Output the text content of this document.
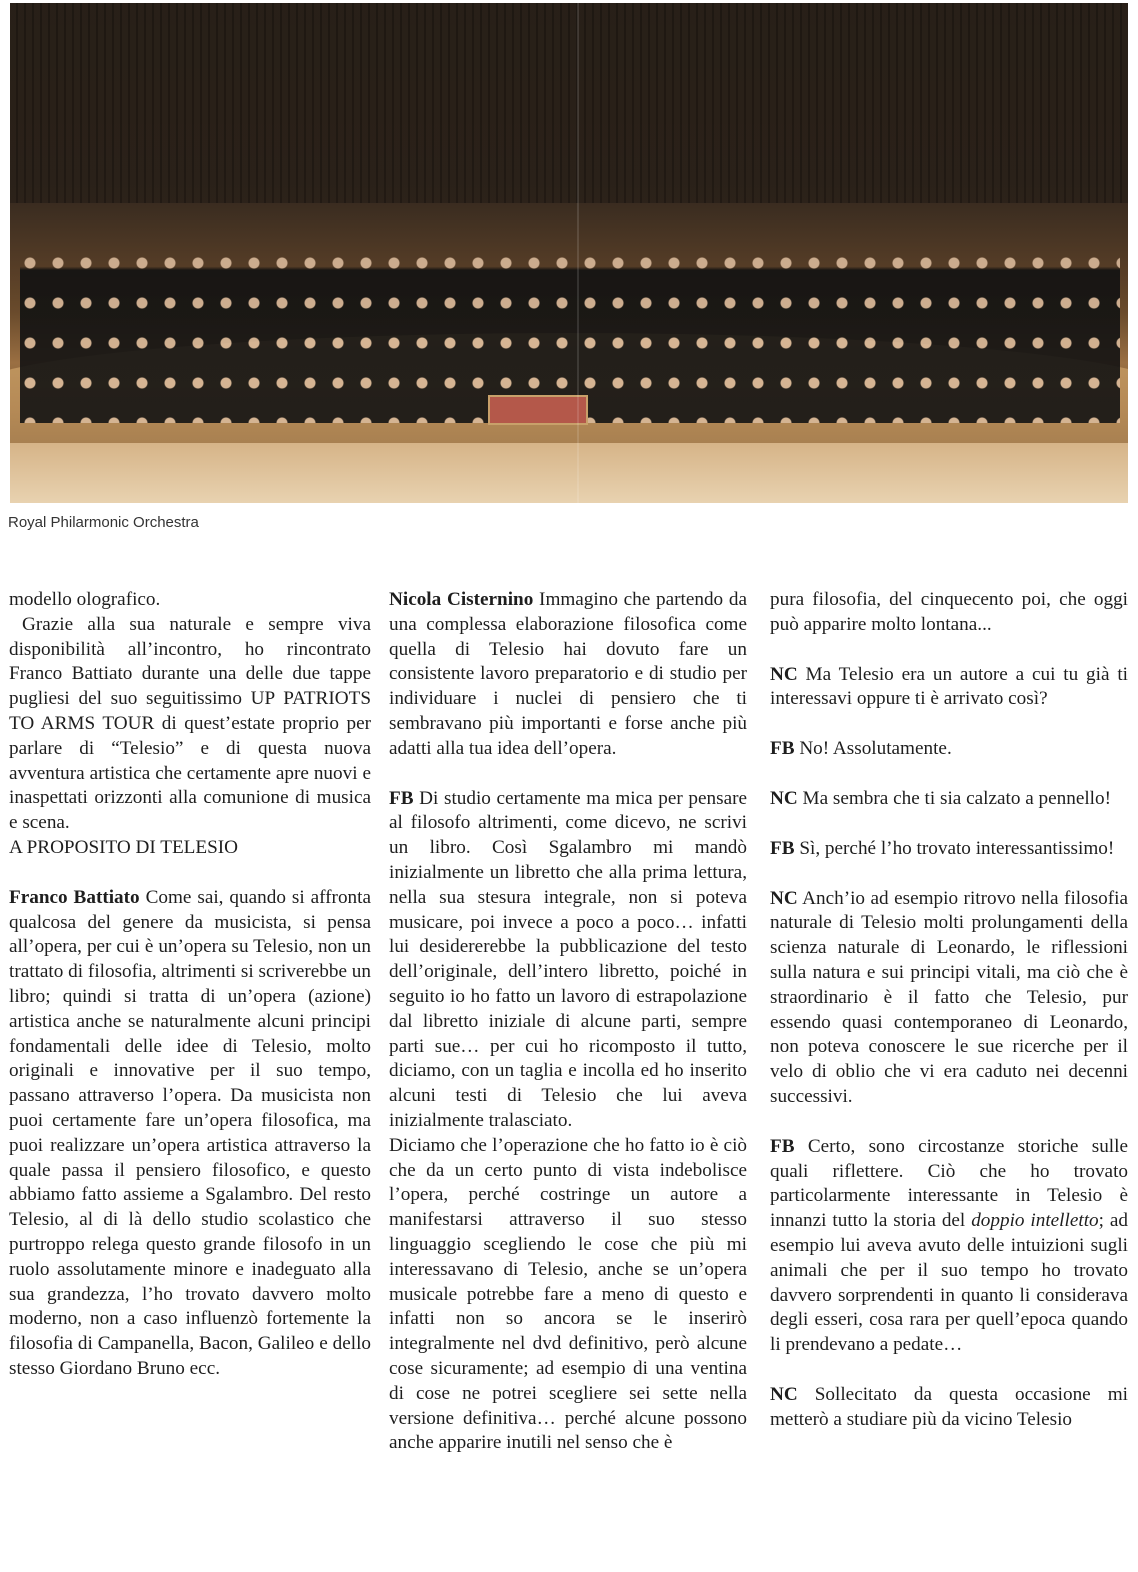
Royal Philarmonic Orchestra

modello olografico.

Grazie alla sua naturale e sempre viva disponibilità all’incontro, ho rincontrato Franco Battiato durante una delle due tappe pugliesi del suo seguitissimo UP PATRIOTS TO ARMS TOUR di quest’estate proprio per parlare di “Telesio” e di questa nuova avventura artistica che certamente apre nuovi e inaspettati orizzonti alla comunione di musica e scena.

A PROPOSITO DI TELESIO

Franco Battiato Come sai, quando si affronta qualcosa del genere da musicista, si pensa all’opera, per cui è un’opera su Telesio, non un trattato di filosofia, altrimenti si scriverebbe un libro; quindi si tratta di un’opera (azione) artistica anche se naturalmente alcuni principi fondamentali delle idee di Telesio, molto originali e innovative per il suo tempo, passano attraverso l’opera. Da musicista non puoi certamente fare un’opera filosofica, ma puoi realizzare un’opera artistica attraverso la quale passa il pensiero filosofico, e questo abbiamo fatto assieme a Sgalambro. Del resto Telesio, al di là dello studio scolastico che purtroppo relega questo grande filosofo in un ruolo assolutamente minore e inadeguato alla sua grandezza, l’ho trovato davvero molto moderno, non a caso influenzò fortemente la filosofia di Campanella, Bacon, Galileo e dello stesso Giordano Bruno ecc.

Nicola Cisternino Immagino che partendo da una complessa elaborazione filosofica come quella di Telesio hai dovuto fare un consistente lavoro preparatorio e di studio per individuare i nuclei di pensiero che ti sembravano più importanti e forse anche più adatti alla tua idea dell’opera.

FB Di studio certamente ma mica per pensare al filosofo altrimenti, come dicevo, ne scrivi un libro. Così Sgalambro mi mandò inizialmente un libretto che alla prima lettura, nella sua stesura integrale, non si poteva musicare, poi invece a poco a poco… infatti lui desidererebbe la pubblicazione del testo dell’originale, dell’intero libretto, poiché in seguito io ho fatto un lavoro di estrapolazione dal libretto iniziale di alcune parti, sempre parti sue… per cui ho ricomposto il tutto, diciamo, con un taglia e incolla ed ho inserito alcuni testi di Telesio che lui aveva inizialmente tralasciato.

Diciamo che l’operazione che ho fatto io è ciò che da un certo punto di vista indebolisce l’opera, perché costringe un autore a manifestarsi attraverso il suo stesso linguaggio scegliendo le cose che più mi interessavano di Telesio, anche se un’opera musicale potrebbe fare a meno di questo e infatti non so ancora se le inserirò integralmente nel dvd definitivo, però alcune cose sicuramente; ad esempio di una ventina di cose ne potrei scegliere sei sette nella versione definitiva… perché alcune possono anche apparire inutili nel senso che è

pura filosofia, del cinquecento poi, che oggi può apparire molto lontana...

NC Ma Telesio era un autore a cui tu già ti interessavi oppure ti è arrivato così?

FB No! Assolutamente.

NC Ma sembra che ti sia calzato a pennello!

FB Sì, perché l’ho trovato interessantissimo!

NC Anch’io ad esempio ritrovo nella filosofia naturale di Telesio molti prolungamenti della scienza naturale di Leonardo, le riflessioni sulla natura e sui principi vitali, ma ciò che è straordinario è il fatto che Telesio, pur essendo quasi contemporaneo di Leonardo, non poteva conoscere le sue ricerche per il velo di oblio che vi era caduto nei decenni successivi.

FB Certo, sono circostanze storiche sulle quali riflettere. Ciò che ho trovato particolarmente interessante in Telesio è innanzi tutto la storia del doppio intelletto; ad esempio lui aveva avuto delle intuizioni sugli animali che per il suo tempo ho trovato davvero sorprendenti in quanto li considerava degli esseri, cosa rara per quell’epoca quando li prendevano a pedate…

NC Sollecitato da questa occasione mi metterò a studiare più da vicino Telesio
